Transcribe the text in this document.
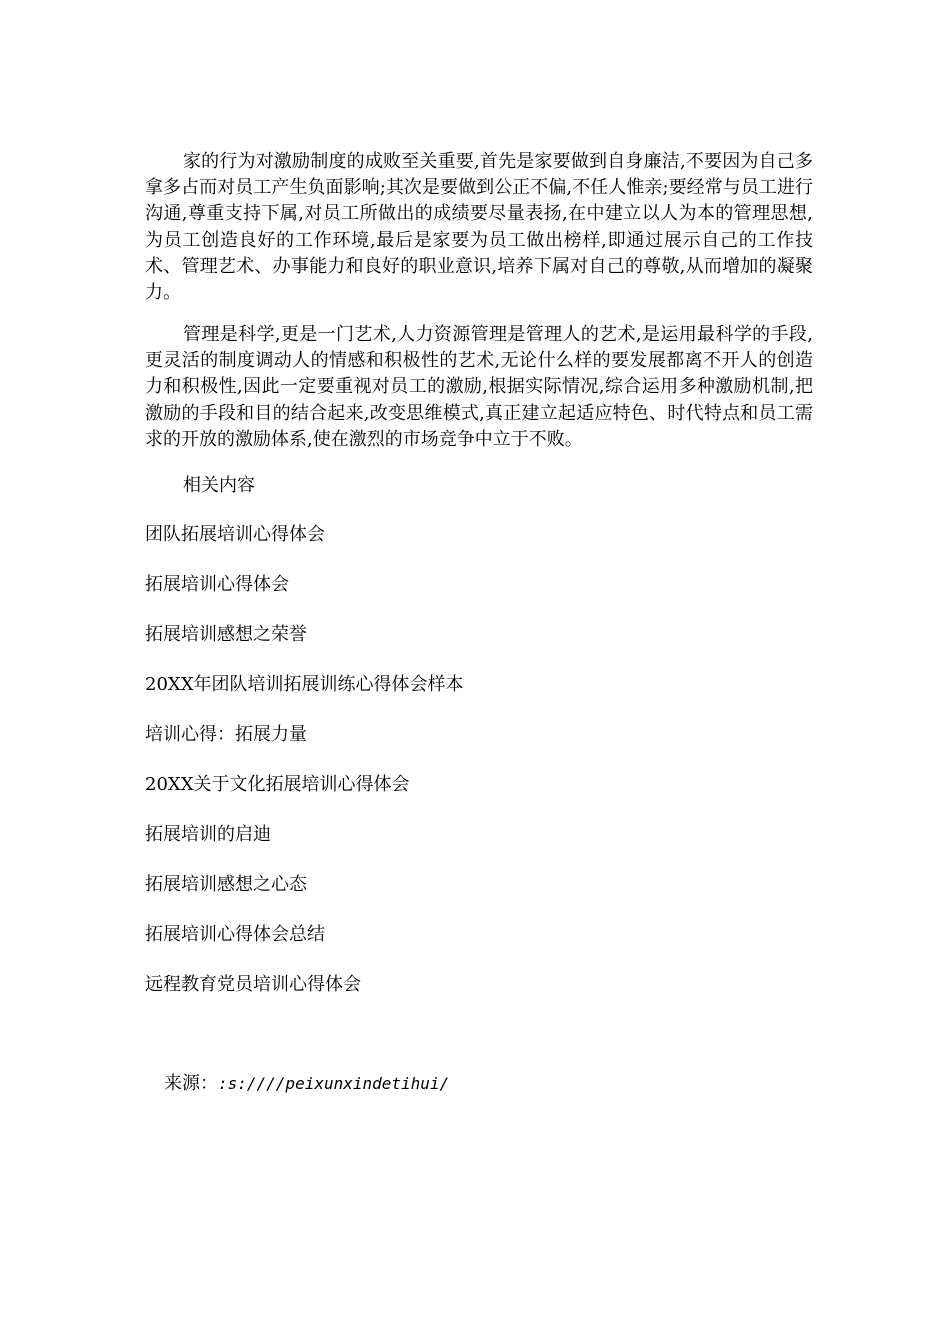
家的行为对激励制度的成败至关重要,首先是家要做到自身廉洁,不要因为自己多拿多占而对员工产生负面影响;其次是要做到公正不偏,不任人惟亲;要经常与员工进行沟通,尊重支持下属,对员工所做出的成绩要尽量表扬,在中建立以人为本的管理思想,为员工创造良好的工作环境,最后是家要为员工做出榜样,即通过展示自己的工作技术、管理艺术、办事能力和良好的职业意识,培养下属对自己的尊敬,从而增加的凝聚力。

管理是科学,更是一门艺术,人力资源管理是管理人的艺术,是运用最科学的手段,更灵活的制度调动人的情感和积极性的艺术,无论什么样的要发展都离不开人的创造力和积极性,因此一定要重视对员工的激励,根据实际情况,综合运用多种激励机制,把激励的手段和目的结合起来,改变思维模式,真正建立起适应特色、时代特点和员工需求的开放的激励体系,使在激烈的市场竞争中立于不败。

相关内容

团队拓展培训心得体会
拓展培训心得体会
拓展培训感想之荣誉
20XX年团队培训拓展训练心得体会样本
培训心得：拓展力量
20XX关于文化拓展培训心得体会
拓展培训的启迪
拓展培训感想之心态
拓展培训心得体会总结
远程教育党员培训心得体会

来源：:s:////peixunxindetihui/
